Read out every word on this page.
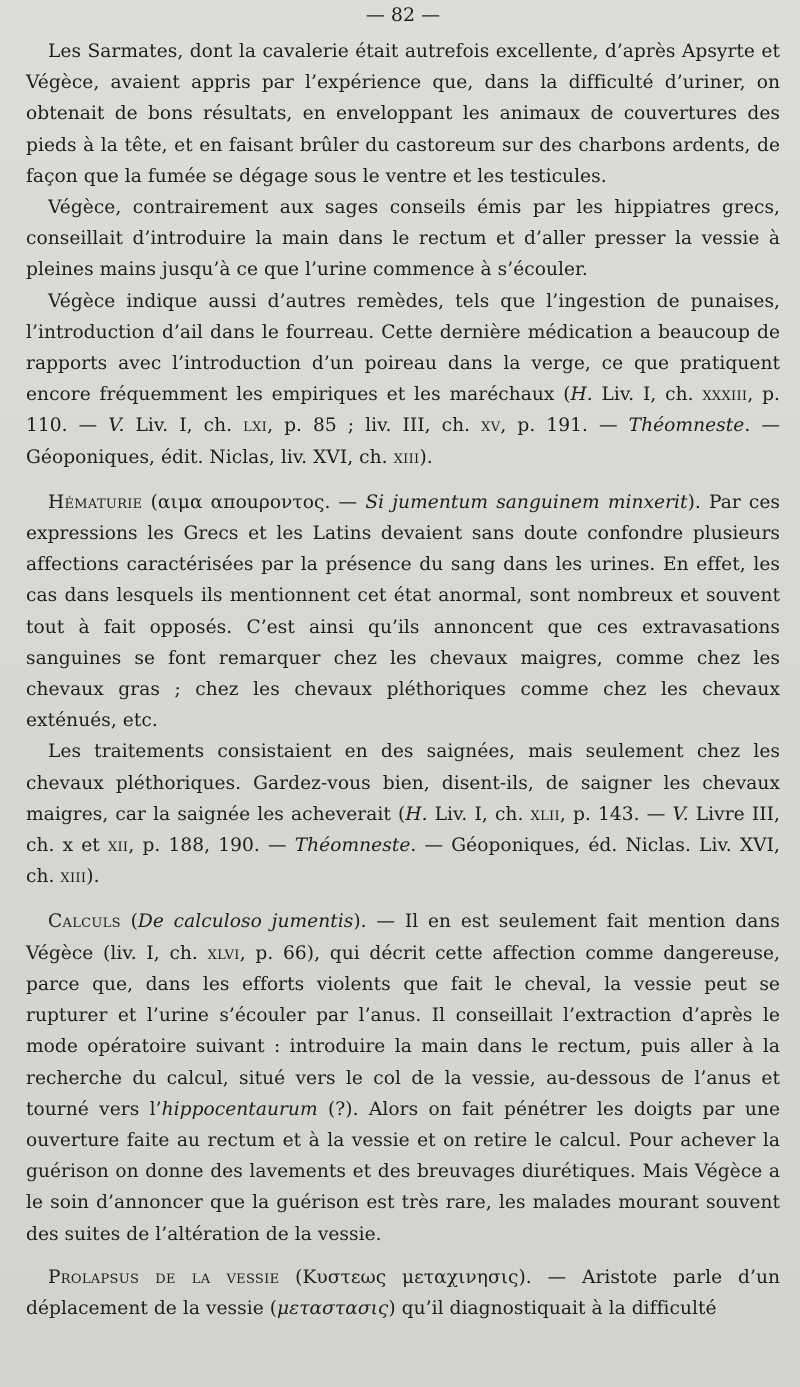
— 82 —

Les Sarmates, dont la cavalerie était autrefois excellente, d’après Apsyrte et Végèce, avaient appris par l’expérience que, dans la difficulté d’uriner, on obtenait de bons résultats, en enveloppant les animaux de couvertures des pieds à la tête, et en faisant brûler du castoreum sur des charbons ardents, de façon que la fumée se dégage sous le ventre et les testicules.

Végèce, contrairement aux sages conseils émis par les hippiatres grecs, conseillait d’introduire la main dans le rectum et d’aller presser la vessie à pleines mains jusqu’à ce que l’urine commence à s’écouler.

Végèce indique aussi d’autres remèdes, tels que l’ingestion de punaises, l’introduction d’ail dans le fourreau. Cette dernière médication a beaucoup de rapports avec l’introduction d’un poireau dans la verge, ce que pratiquent encore fréquemment les empiriques et les maréchaux (H. Liv. I, ch. xxxiii, p. 110. — V. Liv. I, ch. lxi, p. 85 ; liv. III, ch. xv, p. 191. — Théomneste. — Géoponiques, édit. Niclas, liv. XVI, ch. xiii).

Hématurie (αιμα αποuροντος. — Si jumentum sanguinem minxerit). Par ces expressions les Grecs et les Latins devaient sans doute confondre plusieurs affections caractérisées par la présence du sang dans les urines. En effet, les cas dans lesquels ils mentionnent cet état anormal, sont nombreux et souvent tout à fait opposés. C’est ainsi qu’ils annoncent que ces extravasations sanguines se font remarquer chez les chevaux maigres, comme chez les chevaux gras ; chez les chevaux pléthoriques comme chez les chevaux exténués, etc.

Les traitements consistaient en des saignées, mais seulement chez les chevaux pléthoriques. Gardez-vous bien, disent-ils, de saigner les chevaux maigres, car la saignée les acheverait (H. Liv. I, ch. xlii, p. 143. — V. Livre III, ch. x et xii, p. 188, 190. — Théomneste. — Géoponiques, éd. Niclas. Liv. XVI, ch. xiii).

Calculs (De calculoso jumentis). — Il en est seulement fait mention dans Végèce (liv. I, ch. xlvi, p. 66), qui décrit cette affection comme dangereuse, parce que, dans les efforts violents que fait le cheval, la vessie peut se rupturer et l’urine s’écouler par l’anus. Il conseillait l’extraction d’après le mode opératoire suivant : introduire la main dans le rectum, puis aller à la recherche du calcul, situé vers le col de la vessie, au-dessous de l’anus et tourné vers l’hippocentaurum (?). Alors on fait pénétrer les doigts par une ouverture faite au rectum et à la vessie et on retire le calcul. Pour achever la guérison on donne des lavements et des breuvages diurétiques. Mais Végèce a le soin d’annoncer que la guérison est très rare, les malades mourant souvent des suites de l’altération de la vessie.

Prolapsus de la vessie (Κυστεως μεταχινησις). — Aristote parle d’un déplacement de la vessie (μεταστασις) qu’il diagnostiquait à la difficulté
